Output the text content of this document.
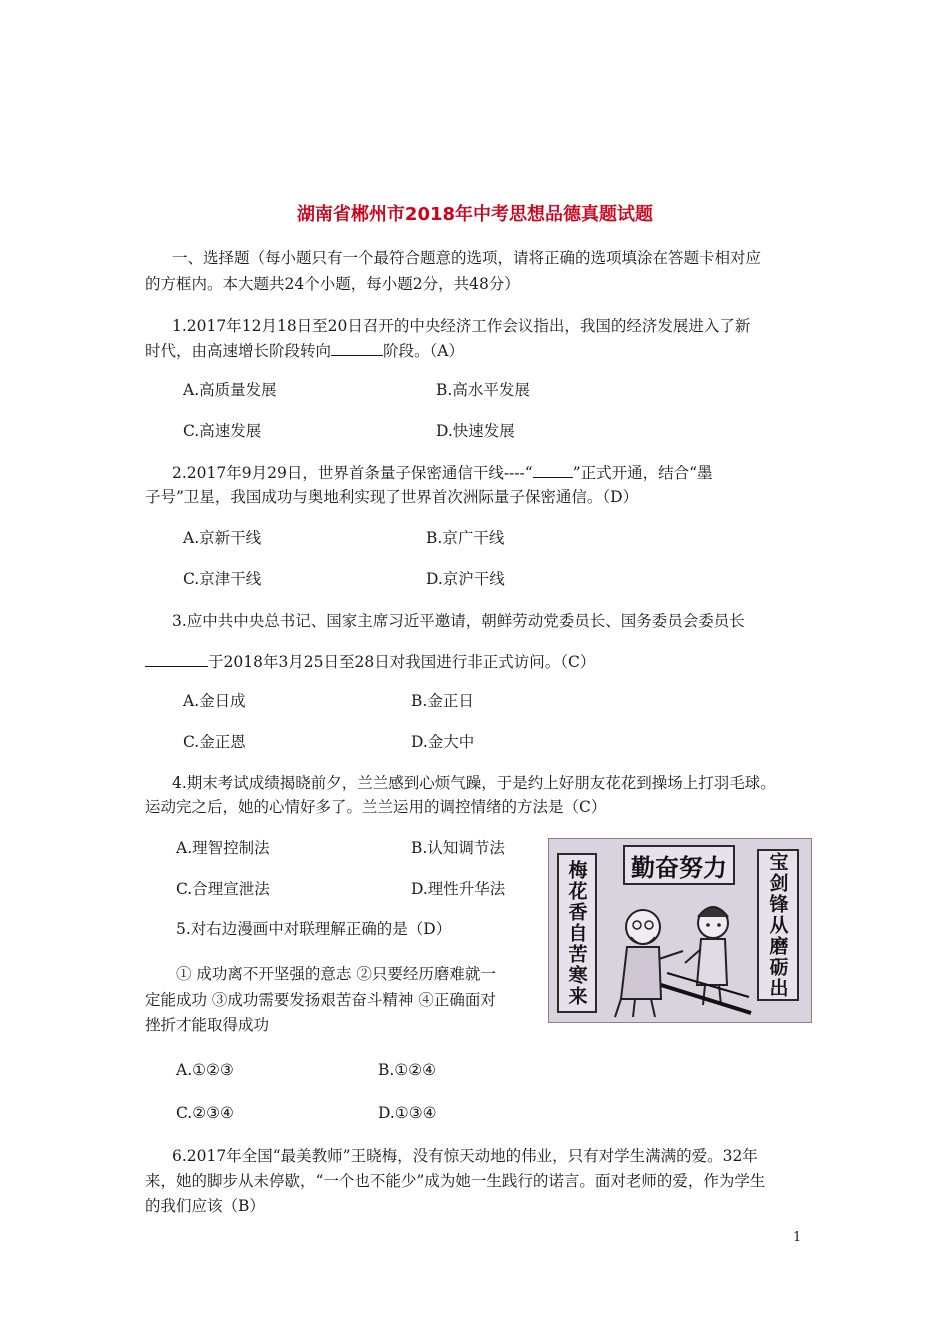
湖南省郴州市2018年中考思想品德真题试题
一、选择题（每小题只有一个最符合题意的选项，请将正确的选项填涂在答题卡相对应
的方框内。本大题共24个小题，每小题2分，共48分）
1.2017年12月18日至20日召开的中央经济工作会议指出，我国的经济发展进入了新
时代，由高速增长阶段转向	阶段。（A）
A.高质量发展	B.高水平发展
C.高速发展	D.快速发展
2.2017年9月29日，世界首条量子保密通信干线----“	”正式开通，结合“墨
子号”卫星，我国成功与奥地利实现了世界首次洲际量子保密通信。（D）
A.京新干线	B.京广干线
C.京津干线	D.京沪干线
3.应中共中央总书记、国家主席习近平邀请，朝鲜劳动党委员长、国务委员会委员长
于2018年3月25日至28日对我国进行非正式访问。（C）
A.金日成	B.金正日
C.金正恩	D.金大中
4.期末考试成绩揭晓前夕，兰兰感到心烦气躁，于是约上好朋友花花到操场上打羽毛球。
运动完之后，她的心情好多了。兰兰运用的调控情绪的方法是（C）
A.理智控制法	B.认知调节法
C.合理宣泄法	D.理性升华法
5.对右边漫画中对联理解正确的是（D）
① 成功离不开坚强的意志 ②只要经历磨难就一
定能成功 ③成功需要发扬艰苦奋斗精神 ④正确面对
挫折才能取得成功
A.①②③	B.①②④
C.②③④	D.①③④
6.2017年全国“最美教师”王晓梅，没有惊天动地的伟业，只有对学生满满的爱。32年
来，她的脚步从未停歇，“一个也不能少”成为她一生践行的诺言。面对老师的爱，作为学生
的我们应该（B）
勤奋努力
梅花香自苦寒来	宝剑锋从磨砺出
1
